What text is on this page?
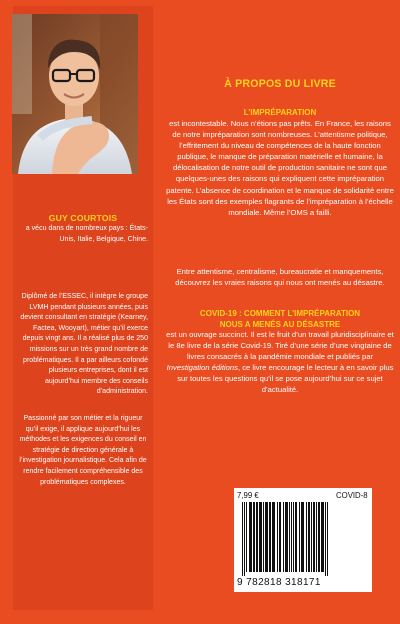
GUY COURTOIS
a vécu dans de nombreux pays : États-Unis, Italie, Belgique, Chine.
Diplômé de l’ESSEC, il intègre le groupe LVMH pendant plusieurs années, puis devient consultant en stratégie (Kearney, Factea, Wooyart), métier qu’il exerce depuis vingt ans. Il a réalisé plus de 250 missions sur un très grand nombre de problématiques. Il a par ailleurs cofondé plusieurs entreprises, dont il est aujourd’hui membre des conseils d’administration.
Passionné par son métier et la rigueur qu’il exige, il applique aujourd’hui les méthodes et les exigences du conseil en stratégie de direction générale à l’investigation journalistique. Cela afin de rendre facilement compréhensible des problématiques complexes.
À PROPOS DU LIVRE
L’IMPRÉPARATION
est incontestable. Nous n’étions pas prêts. En France, les raisons de notre impréparation sont nombreuses. L’attentisme politique, l’effritement du niveau de compétences de la haute fonction publique, le manque de préparation matérielle et humaine, la délocalisation de notre outil de production sanitaire ne sont que quelques-unes des raisons qui expliquent cette impréparation patente. L’absence de coordination et le manque de solidarité entre les États sont des exemples flagrants de l’impréparation à l’échelle mondiale. Même l’OMS a failli.
Entre attentisme, centralisme, bureaucratie et manquements, découvrez les vraies raisons qui nous ont menés au désastre.
COVID-19 : COMMENT L’IMPRÉPARATION
NOUS A MENÉS AU DÉSASTRE
est un ouvrage succinct. Il est le fruit d’un travail pluridisciplinaire et le 8e livre de la série Covid-19. Tiré d’une série d’une vingtaine de livres consacrés à la pandémie mondiale et publiés par Investigation éditions, ce livre encourage le lecteur à en savoir plus sur toutes les questions qu’il se pose aujourd’hui sur ce sujet d’actualité.
7,99 €	COVID-8
9 782818 318171
